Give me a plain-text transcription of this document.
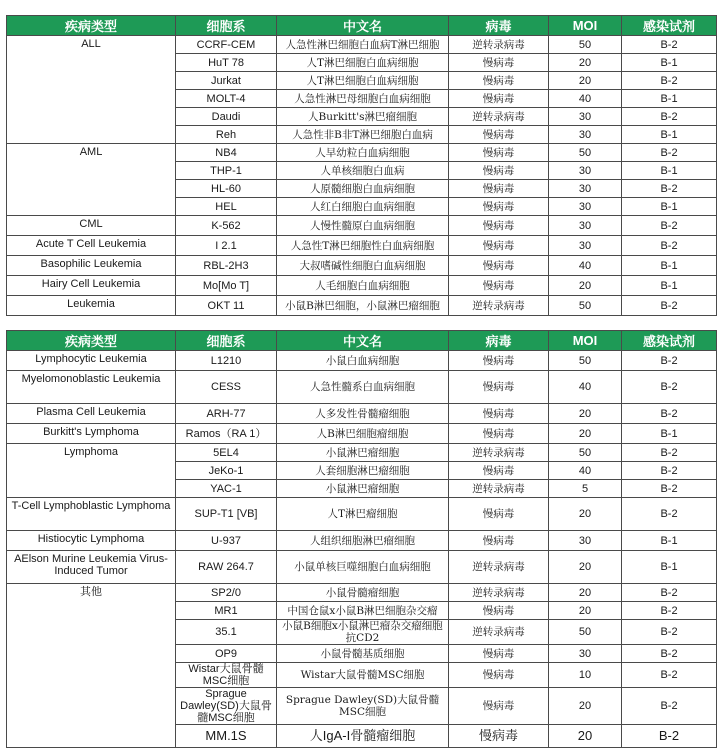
疾病类型	细胞系	中文名	病毒	MOI	感染试剂
ALL	CCRF-CEM	人急性淋巴细胞白血病T淋巴细胞	逆转录病毒	50	B-2
	HuT 78	人T淋巴细胞白血病细胞	慢病毒	20	B-1
	Jurkat	人T淋巴细胞白血病细胞	慢病毒	20	B-2
	MOLT-4	人急性淋巴母细胞白血病细胞	慢病毒	40	B-1
	Daudi	人Burkitt's淋巴瘤细胞	逆转录病毒	30	B-2
	Reh	人急性非B非T淋巴细胞白血病	慢病毒	30	B-1
AML	NB4	人早幼粒白血病细胞	慢病毒	50	B-2
	THP-1	人单核细胞白血病	慢病毒	30	B-1
	HL-60	人原髓细胞白血病细胞	慢病毒	30	B-2
	HEL	人红白细胞白血病细胞	慢病毒	30	B-1
CML	K-562	人慢性髓原白血病细胞	慢病毒	30	B-2
Acute T Cell Leukemia	I 2.1	人急性T淋巴细胞性白血病细胞	慢病毒	30	B-2
Basophilic Leukemia	RBL-2H3	大叔嗜碱性细胞白血病细胞	慢病毒	40	B-1
Hairy Cell Leukemia	Mo[Mo T]	人毛细胞白血病细胞	慢病毒	20	B-1
Leukemia	OKT 11	小鼠B淋巴细胞，小鼠淋巴瘤细胞	逆转录病毒	50	B-2
疾病类型	细胞系	中文名	病毒	MOI	感染试剂
Lymphocytic Leukemia	L1210	小鼠白血病细胞	慢病毒	50	B-2
Myelomonoblastic Leukemia	CESS	人急性髓系白血病细胞	慢病毒	40	B-2
Plasma Cell Leukemia	ARH-77	人多发性骨髓瘤细胞	慢病毒	20	B-2
Burkitt's Lymphoma	Ramos（RA 1）	人B淋巴细胞瘤细胞	慢病毒	20	B-1
Lymphoma	5EL4	小鼠淋巴瘤细胞	逆转录病毒	50	B-2
	JeKo-1	人套细胞淋巴瘤细胞	慢病毒	40	B-2
	YAC-1	小鼠淋巴瘤细胞	逆转录病毒	5	B-2
T-Cell Lymphoblastic Lymphoma	SUP-T1 [VB]	人T淋巴瘤细胞	慢病毒	20	B-2
Histiocytic Lymphoma	U-937	人组织细胞淋巴瘤细胞	慢病毒	30	B-1
AElson Murine Leukemia Virus-Induced Tumor	RAW 264.7	小鼠单核巨噬细胞白血病细胞	逆转录病毒	20	B-1
其他	SP2/0	小鼠骨髓瘤细胞	逆转录病毒	20	B-2
	MR1	中国仓鼠x小鼠B淋巴细胞杂交瘤	慢病毒	20	B-2
	35.1	小鼠B细胞x小鼠淋巴瘤杂交瘤细胞抗CD2	逆转录病毒	50	B-2
	OP9	小鼠骨髓基质细胞	慢病毒	30	B-2
	Wistar大鼠骨髓MSC细胞	Wistar大鼠骨髓MSC细胞	慢病毒	10	B-2
	Sprague Dawley(SD)大鼠骨髓MSC细胞	Sprague Dawley(SD)大鼠骨髓MSC细胞	慢病毒	20	B-2
	MM.1S	人IgA-I骨髓瘤细胞	慢病毒	20	B-2
